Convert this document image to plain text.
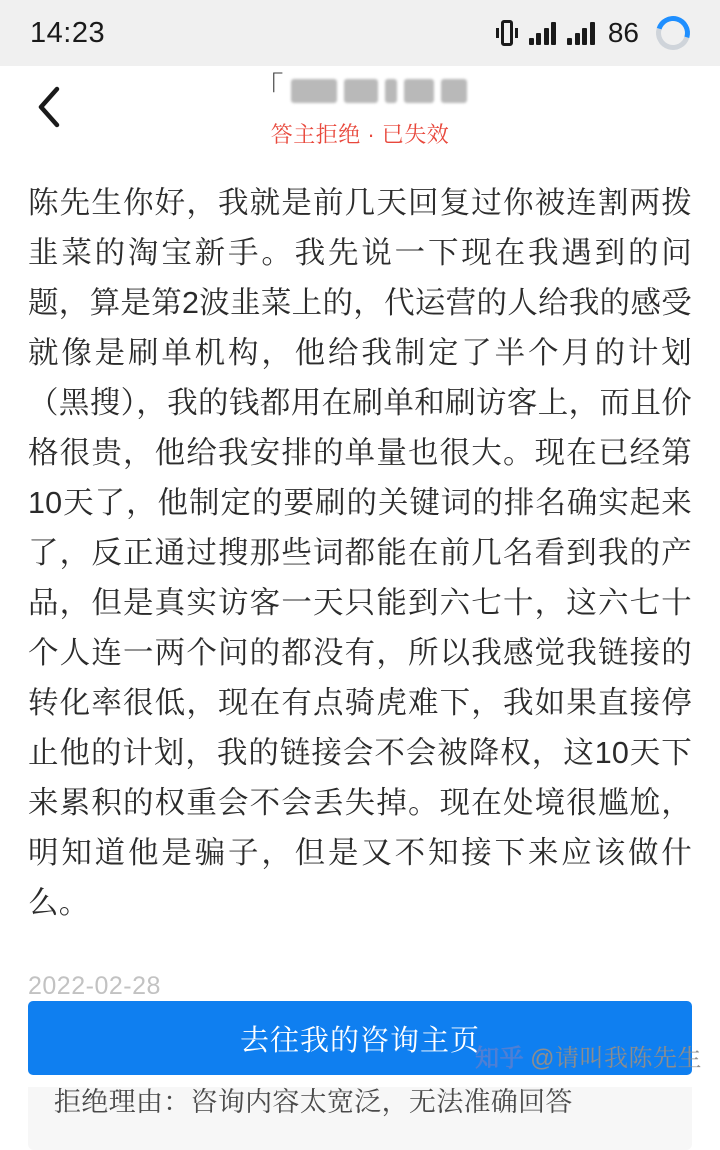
14:23	86
「
答主拒绝 · 已失效
陈先生你好，我就是前几天回复过你被连割两拨韭菜的淘宝新手。我先说一下现在我遇到的问题，算是第2波韭菜上的，代运营的人给我的感受就像是刷单机构，他给我制定了半个月的计划（黑搜），我的钱都用在刷单和刷访客上，而且价格很贵，他给我安排的单量也很大。现在已经第10天了，他制定的要刷的关键词的排名确实起来了，反正通过搜那些词都能在前几名看到我的产品，但是真实访客一天只能到六七十，这六七十个人连一两个问的都没有，所以我感觉我链接的转化率很低，现在有点骑虎难下，我如果直接停止他的计划，我的链接会不会被降权，这10天下来累积的权重会不会丢失掉。现在处境很尴尬，明知道他是骗子，但是又不知接下来应该做什么。
2022-02-28
拒绝理由：咨询内容太宽泛，无法准确回答
去往我的咨询主页
知乎 @请叫我陈先生
